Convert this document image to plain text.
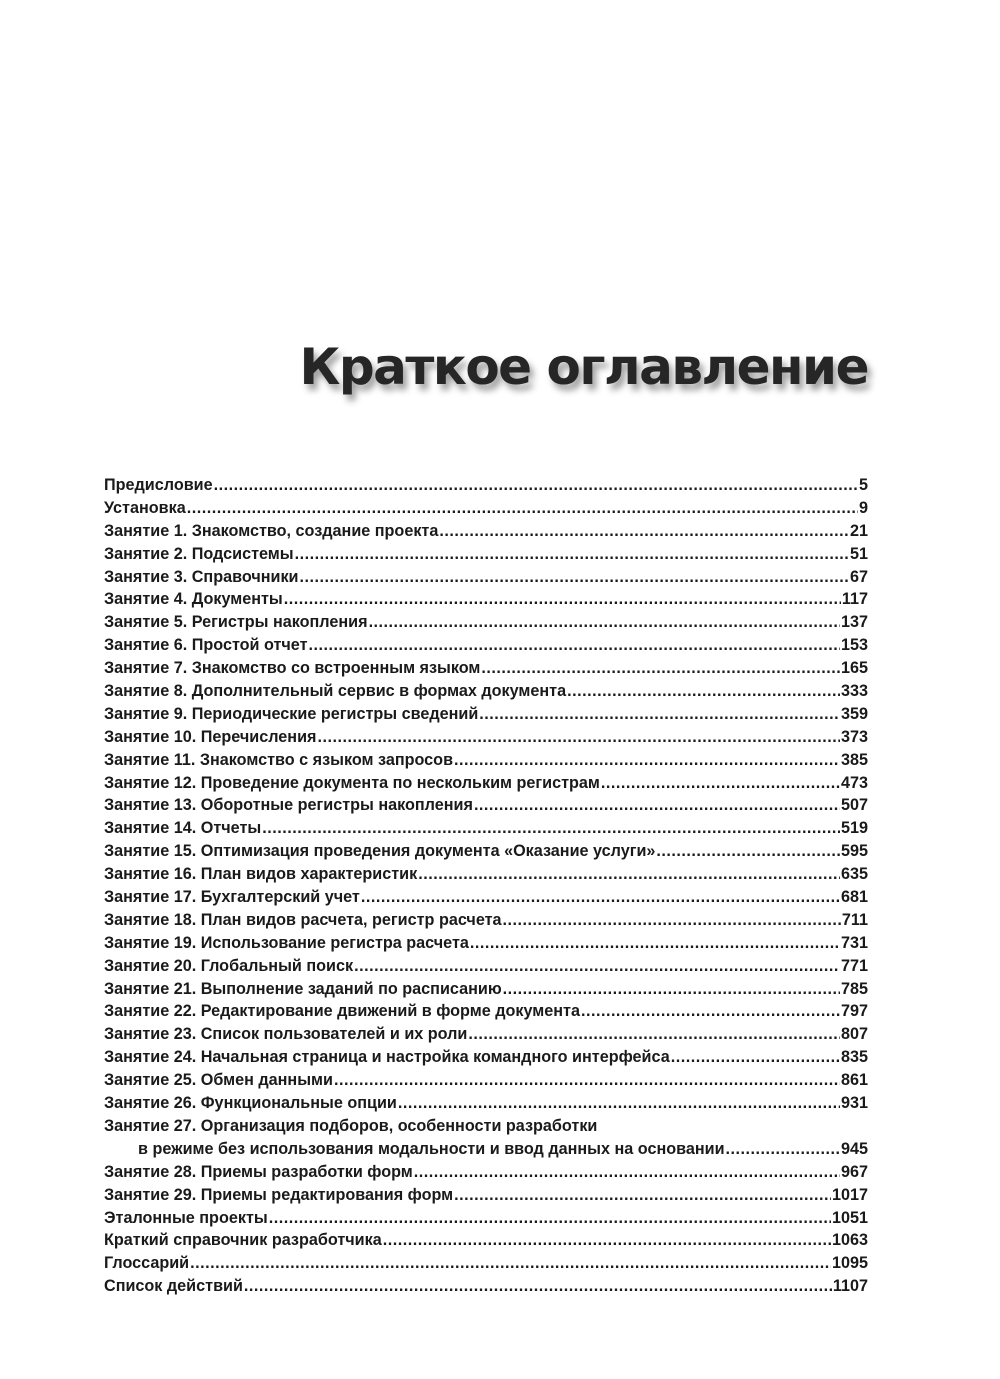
Краткое оглавление
Предисловие .....	5
Установка .....	9
Занятие 1. Знакомство, создание проекта .....	21
Занятие 2. Подсистемы .....	51
Занятие 3. Справочники .....	67
Занятие 4. Документы .....	117
Занятие 5. Регистры накопления .....	137
Занятие 6. Простой отчет .....	153
Занятие 7. Знакомство со встроенным языком .....	165
Занятие 8. Дополнительный сервис в формах документа .....	333
Занятие 9. Периодические регистры сведений .....	359
Занятие 10. Перечисления .....	373
Занятие 11. Знакомство с языком запросов .....	385
Занятие 12. Проведение документа по нескольким регистрам .....	473
Занятие 13. Оборотные регистры накопления .....	507
Занятие 14. Отчеты .....	519
Занятие 15. Оптимизация проведения документа «Оказание услуги» .....	595
Занятие 16. План видов характеристик .....	635
Занятие 17. Бухгалтерский учет .....	681
Занятие 18. План видов расчета, регистр расчета .....	711
Занятие 19. Использование регистра расчета .....	731
Занятие 20. Глобальный поиск .....	771
Занятие 21. Выполнение заданий по расписанию .....	785
Занятие 22. Редактирование движений в форме документа .....	797
Занятие 23. Список пользователей и их роли .....	807
Занятие 24. Начальная страница и настройка командного интерфейса .....	835
Занятие 25. Обмен данными .....	861
Занятие 26. Функциональные опции .....	931
Занятие 27. Организация подборов, особенности разработки
в режиме без использования модальности и ввод данных на основании .....	945
Занятие 28. Приемы разработки форм .....	967
Занятие 29. Приемы редактирования форм .....	1017
Эталонные проекты .....	1051
Краткий справочник разработчика .....	1063
Глоссарий .....	1095
Список действий .....	1107
